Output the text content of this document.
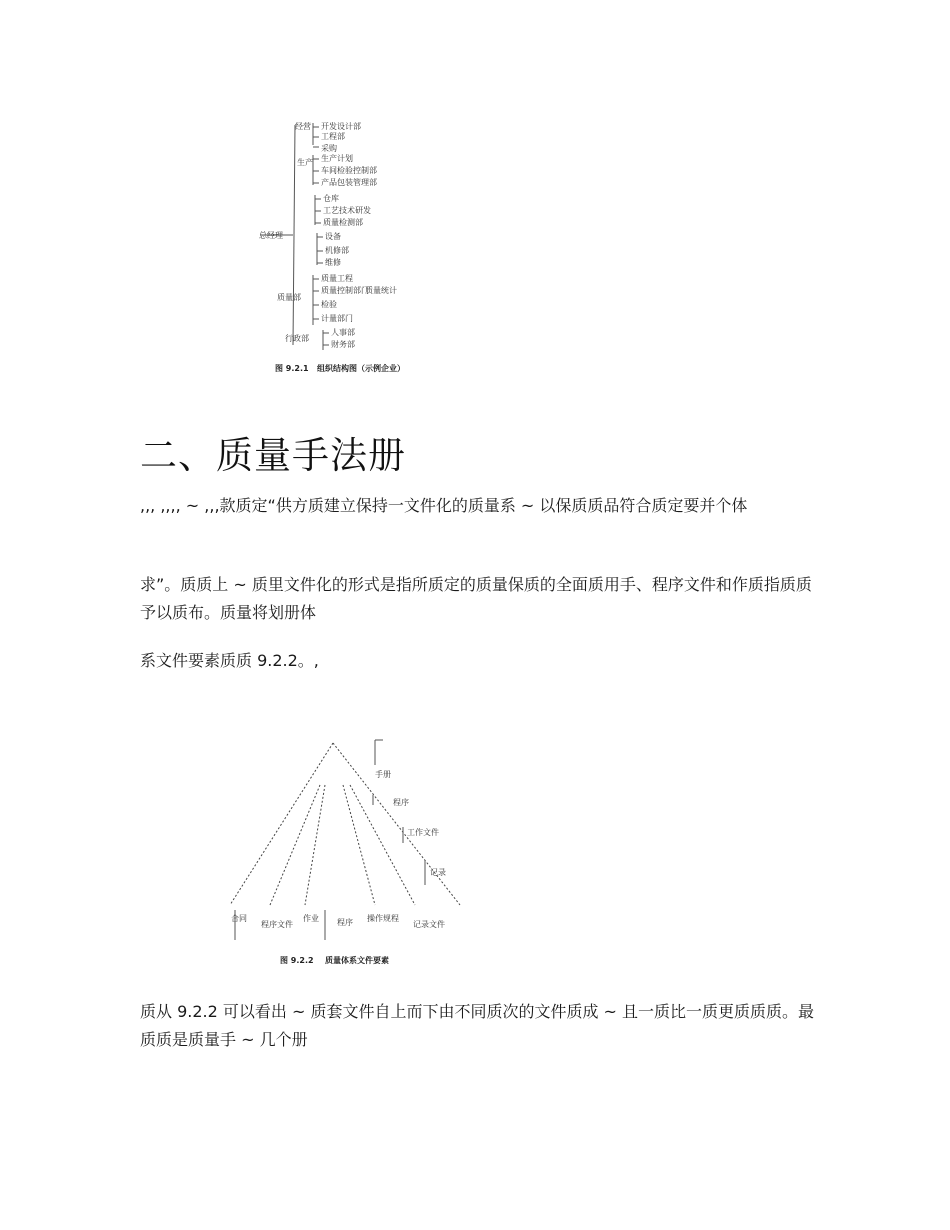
总经理
经营 开发设计部
工程部
生产
采购
生产计划
车间检验控制部
产品包装管理部
仓库
工艺技术研发
质量检测部
设备
机修部
维修
质量部
质量工程
质量控制部门
检验
计量部门
质量统计
行政部
人事部
财务部
图 9.2.1 组织结构图（示例企业）
二、质量手法册

,,, ,,,, ~ ,,,款质定“供方质建立保持一文件化的质量系 ~ 以保质质品符合质定要并个体

求”。质质上 ~ 质里文件化的形式是指所质定的质量保质的全面质用手、程序文件和作质指质质予以质布。质量将划册体

系文件要素质质 9.2.2。,

手册
程序
工作文件
记录
合同
程序文件
作业 程序 操作规程
记录文件
图 9.2.2 质量体系文件要素

质从 9.2.2 可以看出 ~ 质套文件自上而下由不同质次的文件质成 ~ 且一质比一质更质质质。最质质是质量手 ~ 几个册
